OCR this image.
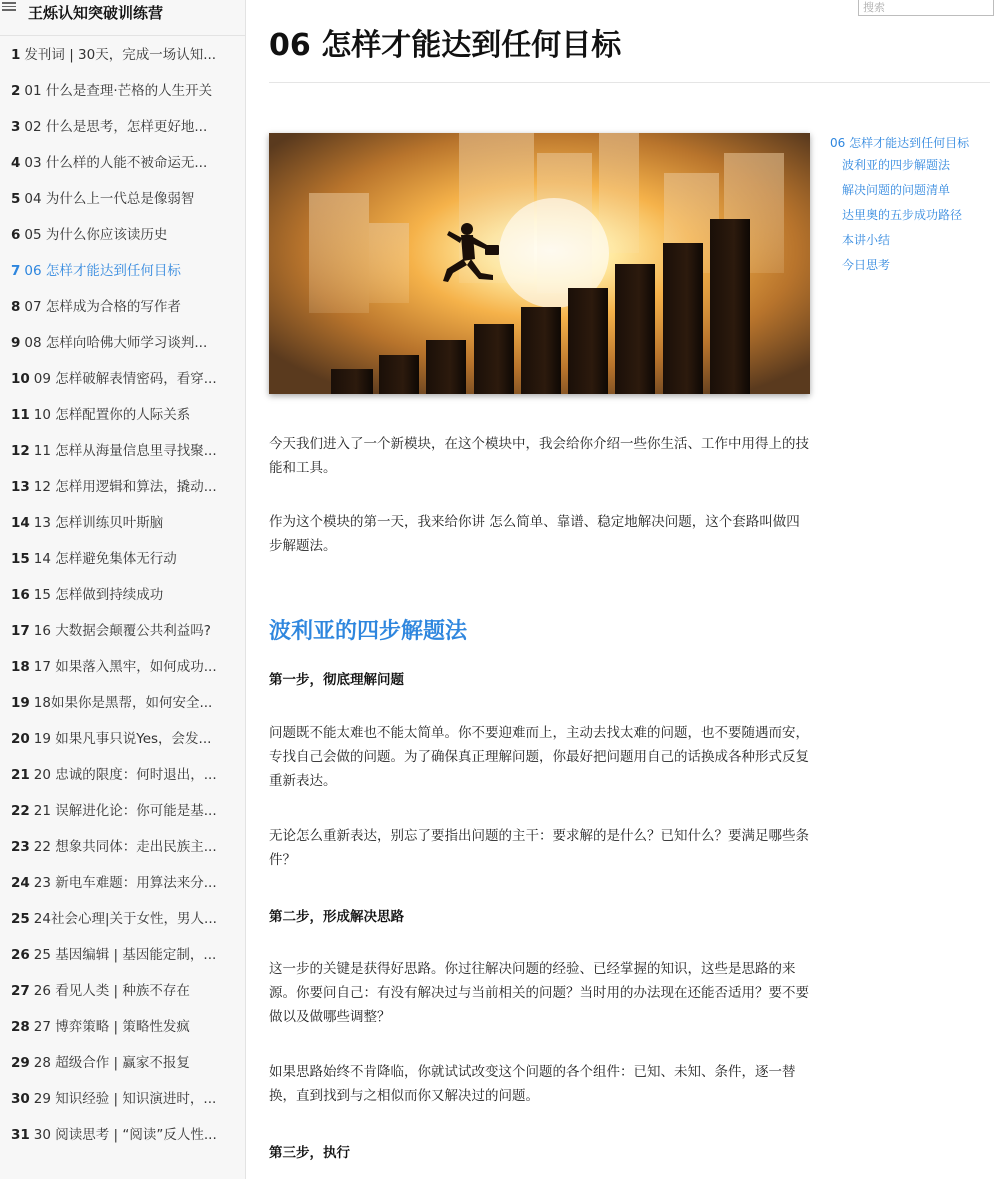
王烁认知突破训练营
1 发刊词 | 30天，完成一场认知...
2 01 什么是查理·芒格的人生开关
3 02 什么是思考，怎样更好地...
4 03 什么样的人能不被命运无...
5 04 为什么上一代总是像弱智
6 05 为什么你应该读历史
7 06 怎样才能达到任何目标
8 07 怎样成为合格的写作者
9 08 怎样向哈佛大师学习谈判...
10 09 怎样破解表情密码，看穿...
11 10 怎样配置你的人际关系
12 11 怎样从海量信息里寻找聚...
13 12 怎样用逻辑和算法，撬动...
14 13 怎样训练贝叶斯脑
15 14 怎样避免集体无行动
16 15 怎样做到持续成功
17 16 大数据会颠覆公共利益吗?
18 17 如果落入黑牢，如何成功...
19 18如果你是黑帮，如何安全...
20 19 如果凡事只说Yes，会发...
21 20 忠诚的限度：何时退出，...
22 21 误解进化论：你可能是基...
23 22 想象共同体：走出民族主...
24 23 新电车难题：用算法来分...
25 24社会心理|关于女性，男人...
26 25 基因编辑 | 基因能定制，...
27 26 看见人类 | 种族不存在
28 27 博弈策略 | 策略性发疯
29 28 超级合作 | 赢家不报复
30 29 知识经验 | 知识演进时，...
31 30 阅读思考 | “阅读”反人性...
搜索
06 怎样才能达到任何目标
06 怎样才能达到任何目标
波利亚的四步解题法
解决问题的问题清单
达里奥的五步成功路径
本讲小结
今日思考

今天我们进入了一个新模块，在这个模块中，我会给你介绍一些你生活、工作中用得上的技能和工具。

作为这个模块的第一天，我来给你讲 怎么简单、靠谱、稳定地解决问题，这个套路叫做四步解题法。

波利亚的四步解题法

第一步，彻底理解问题

问题既不能太难也不能太简单。你不要迎难而上，主动去找太难的问题，也不要随遇而安，专找自己会做的问题。为了确保真正理解问题，你最好把问题用自己的话换成各种形式反复重新表达。

无论怎么重新表达，别忘了要指出问题的主干：要求解的是什么？已知什么？要满足哪些条件？

第二步，形成解决思路

这一步的关键是获得好思路。你过往解决问题的经验、已经掌握的知识，这些是思路的来源。你要问自己：有没有解决过与当前相关的问题？当时用的办法现在还能否适用？要不要做以及做哪些调整？

如果思路始终不肯降临，你就试试改变这个问题的各个组件：已知、未知、条件，逐一替换，直到找到与之相似而你又解决过的问题。

第三步，执行
